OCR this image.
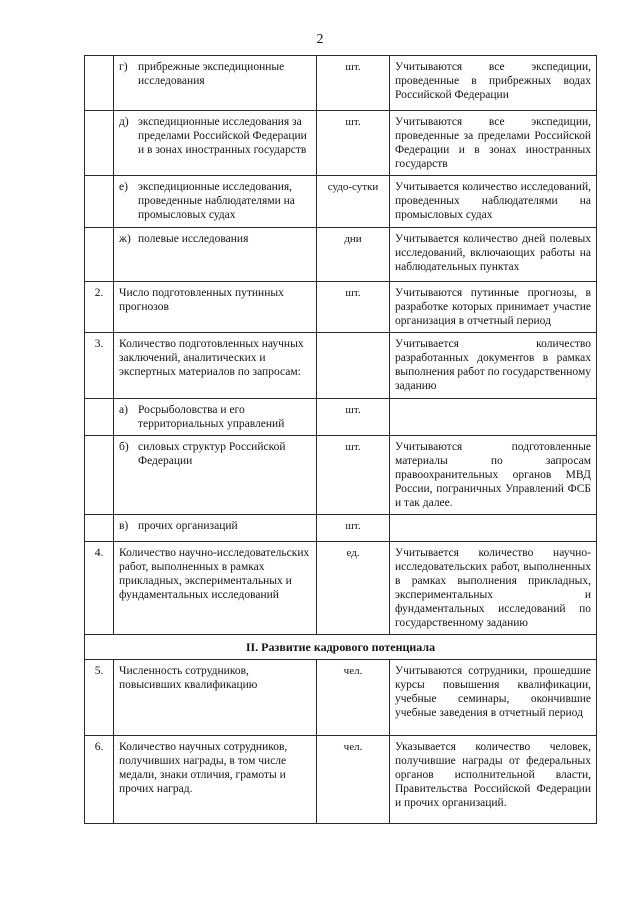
2

	г) прибрежные экспедиционные исследования	шт.	Учитываются все экспедиции, проведенные в прибрежных водах Российской Федерации

	д) экспедиционные исследования за пределами Российской Федерации и в зонах иностранных государств	шт.	Учитываются все экспедиции, проведенные за пределами Российской Федерации и в зонах иностранных государств

	е) экспедиционные исследования, проведенные наблюдателями на промысловых судах	судо-сутки	Учитывается количество исследований, проведенных наблюдателями на промысловых судах

	ж) полевые исследования	дни	Учитывается количество дней полевых исследований, включающих работы на наблюдательных пунктах
2.	Число подготовленных путинных прогнозов	шт.	Учитываются путинные прогнозы, в разработке которых принимает участие организация в отчетный период
3.	Количество подготовленных научных заключений, аналитических и экспертных материалов по запросам:		Учитывается количество разработанных документов в рамках выполнения работ по государственному заданию

	а) Росрыболовства и его территориальных управлений	шт.	

	б) силовых структур Российской Федерации	шт.	Учитываются подготовленные материалы по запросам правоохранительных органов МВД России, пограничных Управлений ФСБ и так далее.

	в) прочих организаций	шт.	
4.	Количество научно-исследовательских работ, выполненных в рамках прикладных, экспериментальных и фундаментальных исследований	ед.	Учитывается количество научно-исследовательских работ, выполненных в рамках выполнения прикладных, экспериментальных и фундаментальных исследований по государственному заданию
II. Развитие кадрового потенциала			
5.	Численность сотрудников, повысивших квалификацию	чел.	Учитываются сотрудники, прошедшие курсы повышения квалификации, учебные семинары, окончившие учебные заведения в отчетный период
6.	Количество научных сотрудников, получивших награды, в том числе медали, знаки отличия, грамоты и прочих наград.	чел.	Указывается количество человек, получившие награды от федеральных органов исполнительной власти, Правительства Российской Федерации и прочих организаций.
